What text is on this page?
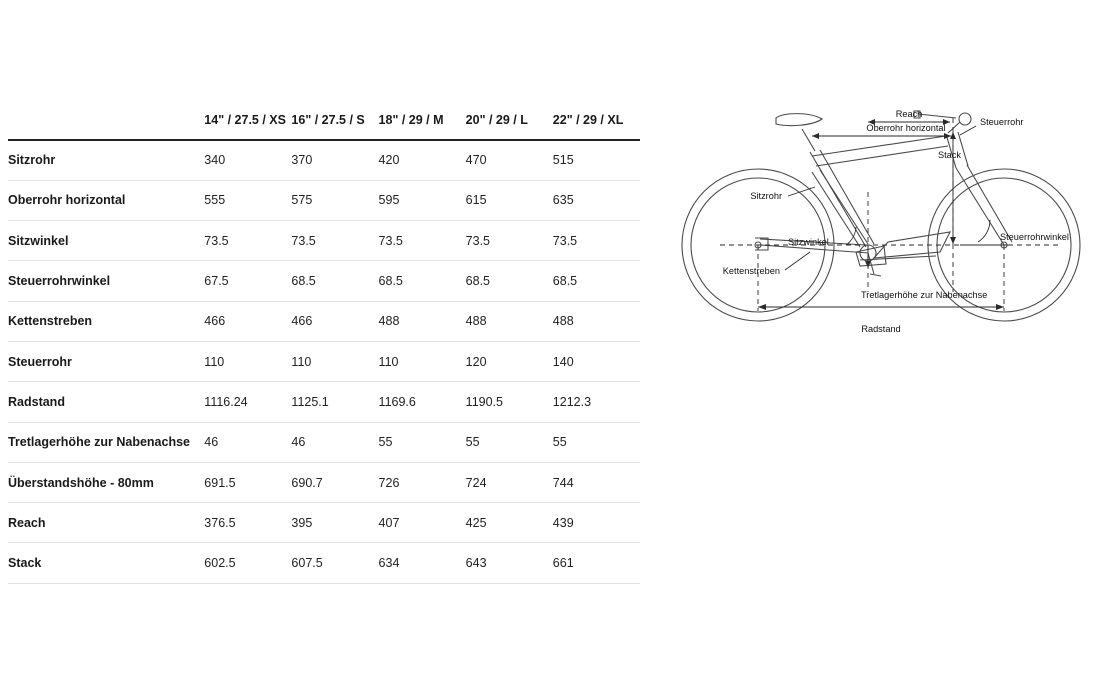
	14" / 27.5 / XS	16" / 27.5 / S	18" / 29 / M	20" / 29 / L	22" / 29 / XL
Sitzrohr	340	370	420	470	515
Oberrohr horizontal	555	575	595	615	635
Sitzwinkel	73.5	73.5	73.5	73.5	73.5
Steuerrohrwinkel	67.5	68.5	68.5	68.5	68.5
Kettenstreben	466	466	488	488	488
Steuerrohr	110	110	110	120	140
Radstand	1116.24	1125.1	1169.6	1190.5	1212.3
Tretlagerhöhe zur Nabenachse	46	46	55	55	55
Überstandshöhe - 80mm	691.5	690.7	726	724	744
Reach	376.5	395	407	425	439
Stack	602.5	607.5	634	643	661
Reach
Oberrohr horizontal
Steuerrohr
Stack
Sitzrohr
Sitzwinkel	Steuerrohrwinkel
Kettenstreben
Tretlagerhöhe zur Nabenachse
Radstand
